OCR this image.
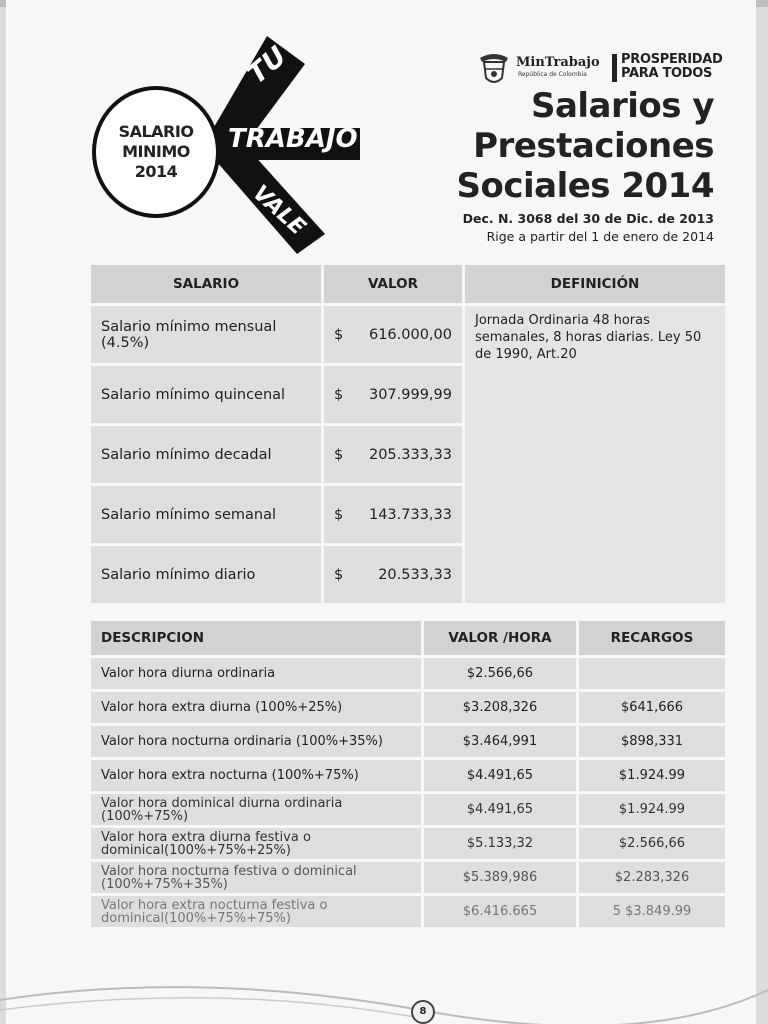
SALARIO
MINIMO
2014
TU
TRABAJO
VALE
MinTrabajo
República de Colombia
PROSPERIDAD
PARA TODOS
Salarios y
Prestaciones
Sociales 2014
Dec. N. 3068 del 30 de Dic. de 2013
Rige a partir del 1 de enero de 2014
SALARIO	VALOR	DEFINICIÓN
Salario mínimo mensual (4.5%)	$ 616.000,00	Jornada Ordinaria 48 horas semanales, 8 horas diarias. Ley 50 de 1990, Art.20
Salario mínimo quincenal	$ 307.999,99	

Salario mínimo decadal	$ 205.333,33	

Salario mínimo semanal	$ 143.733,33	

Salario mínimo diario	$ 20.533,33	
DESCRIPCION	VALOR /HORA	RECARGOS
Valor hora diurna ordinaria	$2.566,66	
Valor hora extra diurna (100%+25%)	$3.208,326	$641,666
Valor hora nocturna ordinaria (100%+35%)	$3.464,991	$898,331
Valor hora extra nocturna (100%+75%)	$4.491,65	$1.924.99
Valor hora dominical diurna ordinaria (100%+75%)	$4.491,65	$1.924.99
Valor hora extra diurna festiva o dominical(100%+75%+25%)	$5.133,32	$2.566,66
Valor hora nocturna festiva o dominical (100%+75%+35%)	$5.389,986	$2.283,326
Valor hora extra nocturna festiva o dominical(100%+75%+75%)	$6.416.665	5 $3.849.99
8
